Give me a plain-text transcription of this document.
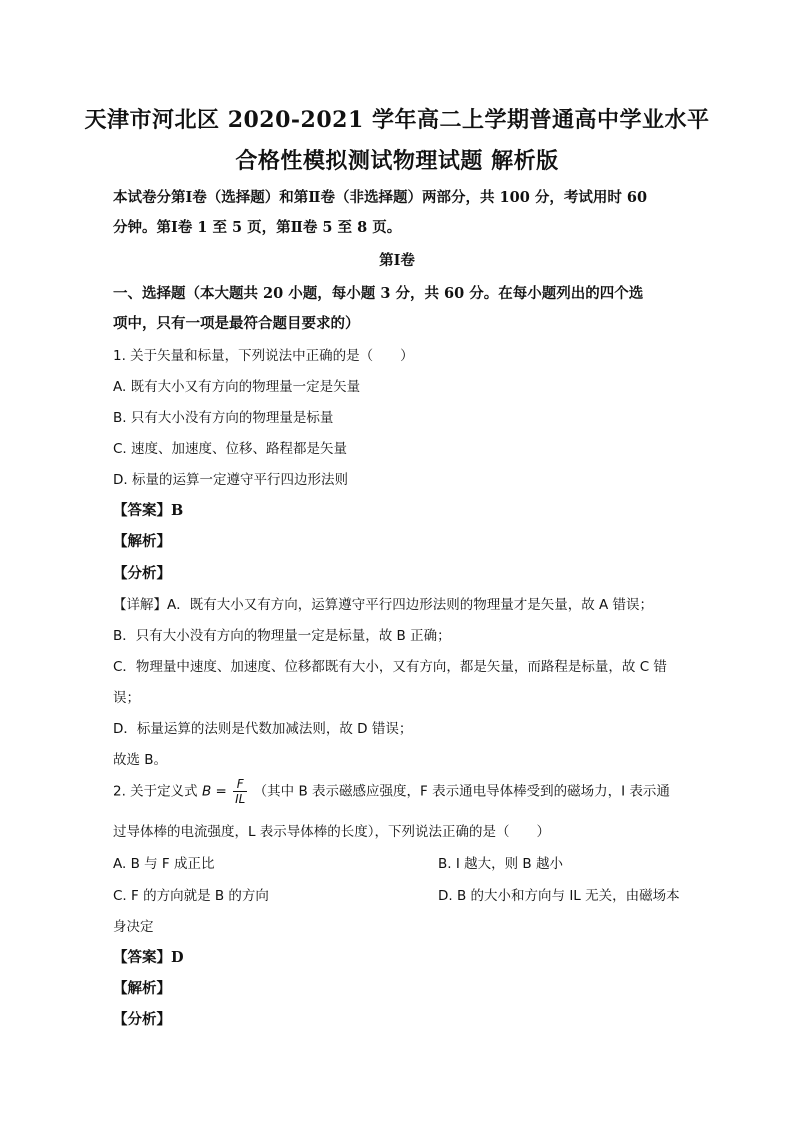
天津市河北区 2020-2021 学年高二上学期普通高中学业水平
合格性模拟测试物理试题 解析版
本试卷分第Ⅰ卷（选择题）和第Ⅱ卷（非选择题）两部分，共 100 分，考试用时 60
分钟。第Ⅰ卷 1 至 5 页，第Ⅱ卷 5 至 8 页。
第Ⅰ卷
一、选择题（本大题共 20 小题，每小题 3 分，共 60 分。在每小题列出的四个选
项中，只有一项是最符合题目要求的）
1. 关于矢量和标量，下列说法中正确的是（　　）
A. 既有大小又有方向的物理量一定是矢量
B. 只有大小没有方向的物理量是标量
C. 速度、加速度、位移、路程都是矢量
D. 标量的运算一定遵守平行四边形法则
【答案】B
【解析】
【分析】
【详解】A．既有大小又有方向，运算遵守平行四边形法则的物理量才是矢量，故 A 错误；
B．只有大小没有方向的物理量一定是标量，故 B 正确；
C．物理量中速度、加速度、位移都既有大小，又有方向，都是矢量，而路程是标量，故 C 错
误；
D．标量运算的法则是代数加减法则，故 D 错误；
故选 B。
2. 关于定义式 $B = \frac{F}{IL}$ （其中 B 表示磁感应强度，F 表示通电导体棒受到的磁场力，I 表示通
过导体棒的电流强度，L 表示导体棒的长度），下列说法正确的是（　　）
A. B 与 F 成正比	B. I 越大，则 B 越小
C. F 的方向就是 B 的方向	D. B 的大小和方向与 IL 无关，由磁场本
身决定
【答案】D
【解析】
【分析】
